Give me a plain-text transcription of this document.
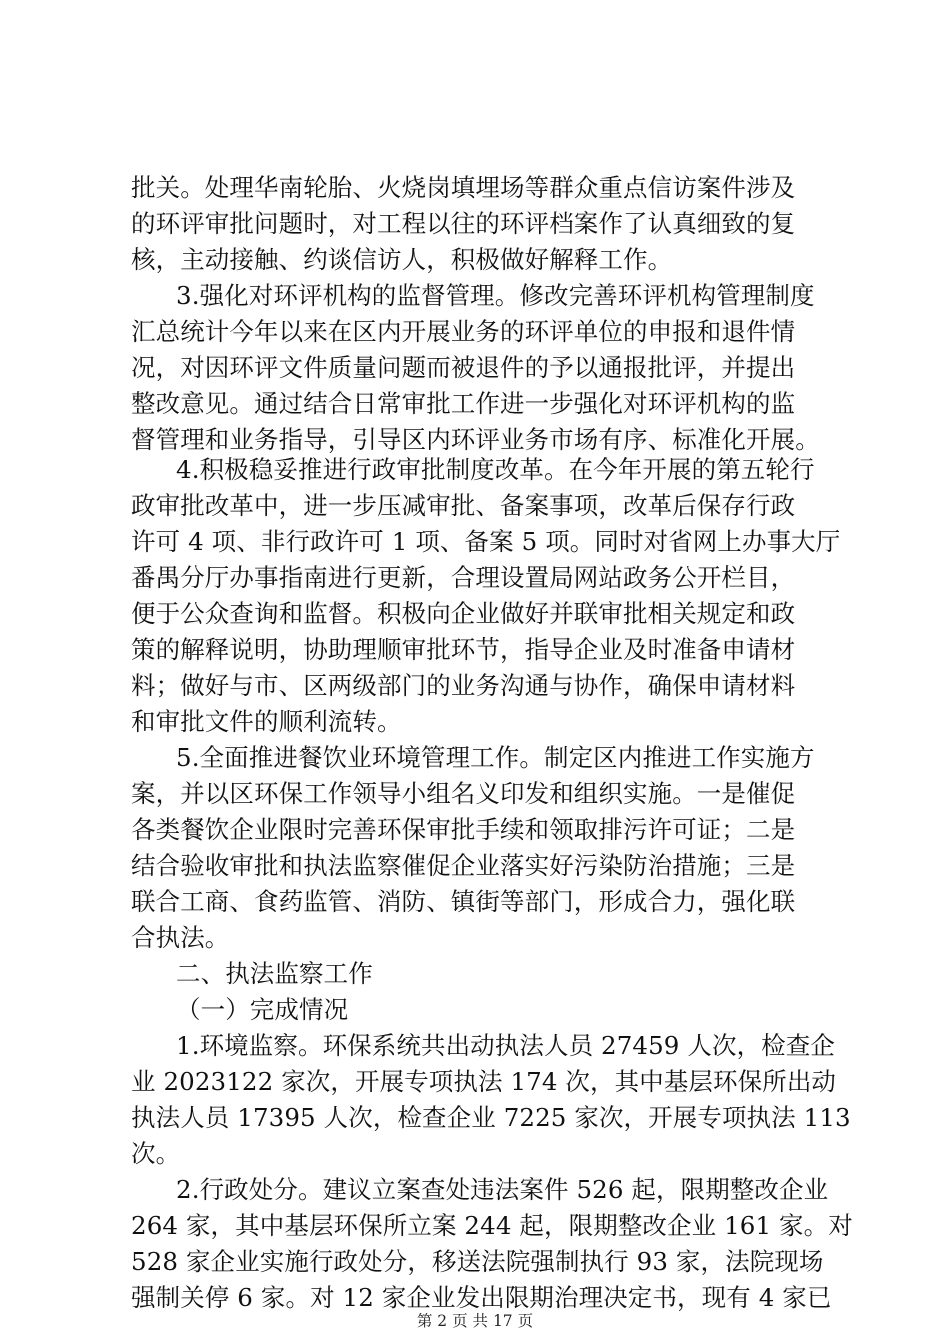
批关。处理华南轮胎、火烧岗填埋场等群众重点信访案件涉及
的环评审批问题时，对工程以往的环评档案作了认真细致的复
核，主动接触、约谈信访人，积极做好解释工作。
3.强化对环评机构的监督管理。修改完善环评机构管理制度
汇总统计今年以来在区内开展业务的环评单位的申报和退件情
况，对因环评文件质量问题而被退件的予以通报批评，并提出
整改意见。通过结合日常审批工作进一步强化对环评机构的监
督管理和业务指导，引导区内环评业务市场有序、标准化开展。
4.积极稳妥推进行政审批制度改革。在今年开展的第五轮行
政审批改革中，进一步压减审批、备案事项，改革后保存行政
许可 4 项、非行政许可 1 项、备案 5 项。同时对省网上办事大厅
番禺分厅办事指南进行更新，合理设置局网站政务公开栏目，
便于公众查询和监督。积极向企业做好并联审批相关规定和政
策的解释说明，协助理顺审批环节，指导企业及时准备申请材
料；做好与市、区两级部门的业务沟通与协作，确保申请材料
和审批文件的顺利流转。
5.全面推进餐饮业环境管理工作。制定区内推进工作实施方
案，并以区环保工作领导小组名义印发和组织实施。一是催促
各类餐饮企业限时完善环保审批手续和领取排污许可证；二是
结合验收审批和执法监察催促企业落实好污染防治措施；三是
联合工商、食药监管、消防、镇街等部门，形成合力，强化联
合执法。
二、执法监察工作
（一）完成情况
1.环境监察。环保系统共出动执法人员 27459 人次，检查企
业 2023122 家次，开展专项执法 174 次，其中基层环保所出动
执法人员 17395 人次，检查企业 7225 家次，开展专项执法 113
次。
2.行政处分。建议立案查处违法案件 526 起，限期整改企业
264 家，其中基层环保所立案 244 起，限期整改企业 161 家。对
528 家企业实施行政处分，移送法院强制执行 93 家，法院现场
强制关停 6 家。对 12 家企业发出限期治理决定书，现有 4 家已
第 2 页 共 17 页
